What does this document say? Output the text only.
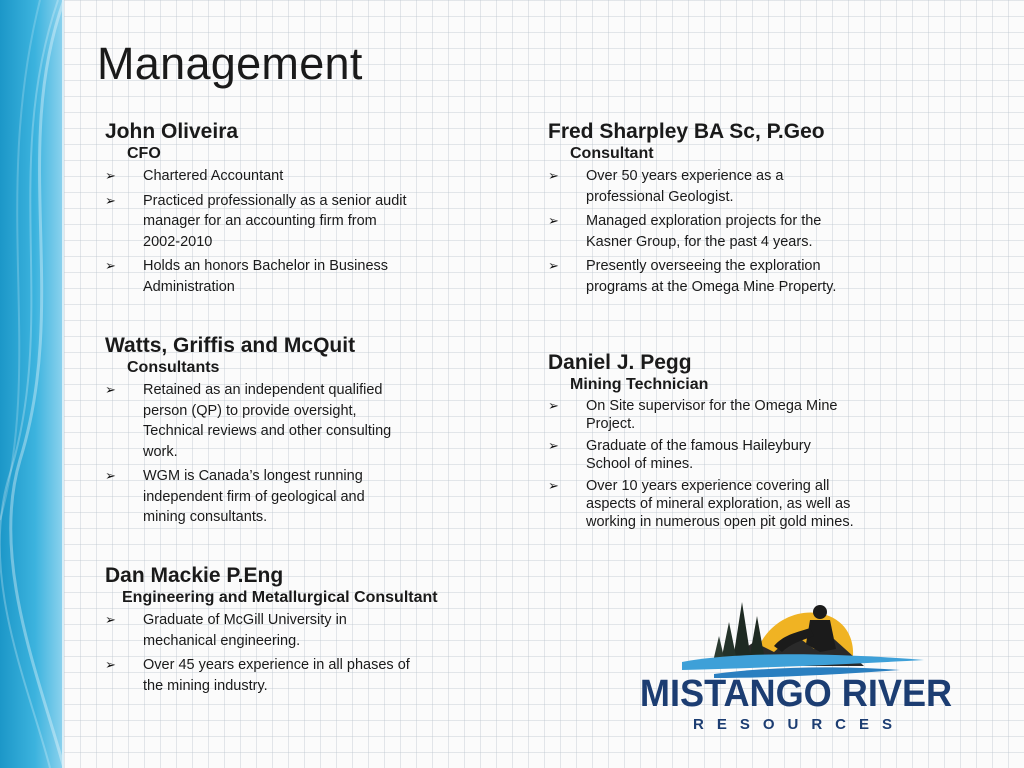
Management
John Oliveira
CFO
➢ Chartered Accountant
➢ Practiced professionally as a senior audit manager for an accounting firm from 2002-2010
➢ Holds an honors Bachelor in Business Administration
Watts, Griffis and McQuit
Consultants
➢ Retained as an independent qualified person (QP) to provide oversight, Technical reviews and other consulting work.
➢ WGM is Canada’s longest running independent firm of geological and mining consultants.
Dan Mackie P.Eng
Engineering and Metallurgical Consultant
➢ Graduate of McGill University in mechanical engineering.
➢ Over 45 years experience in all phases of the mining industry.
Fred Sharpley BA Sc, P.Geo
Consultant
➢ Over 50 years experience as a professional Geologist.
➢ Managed exploration projects for the Kasner Group, for the past 4 years.
➢ Presently overseeing the exploration programs at the Omega Mine Property.
Daniel J. Pegg
Mining Technician
➢ On Site supervisor for the Omega Mine Project.
➢ Graduate of the famous Haileybury School of mines.
➢ Over 10 years experience covering all aspects of mineral exploration, as well as working in numerous open pit gold mines.
MISTANGO RIVER
RESOURCES
